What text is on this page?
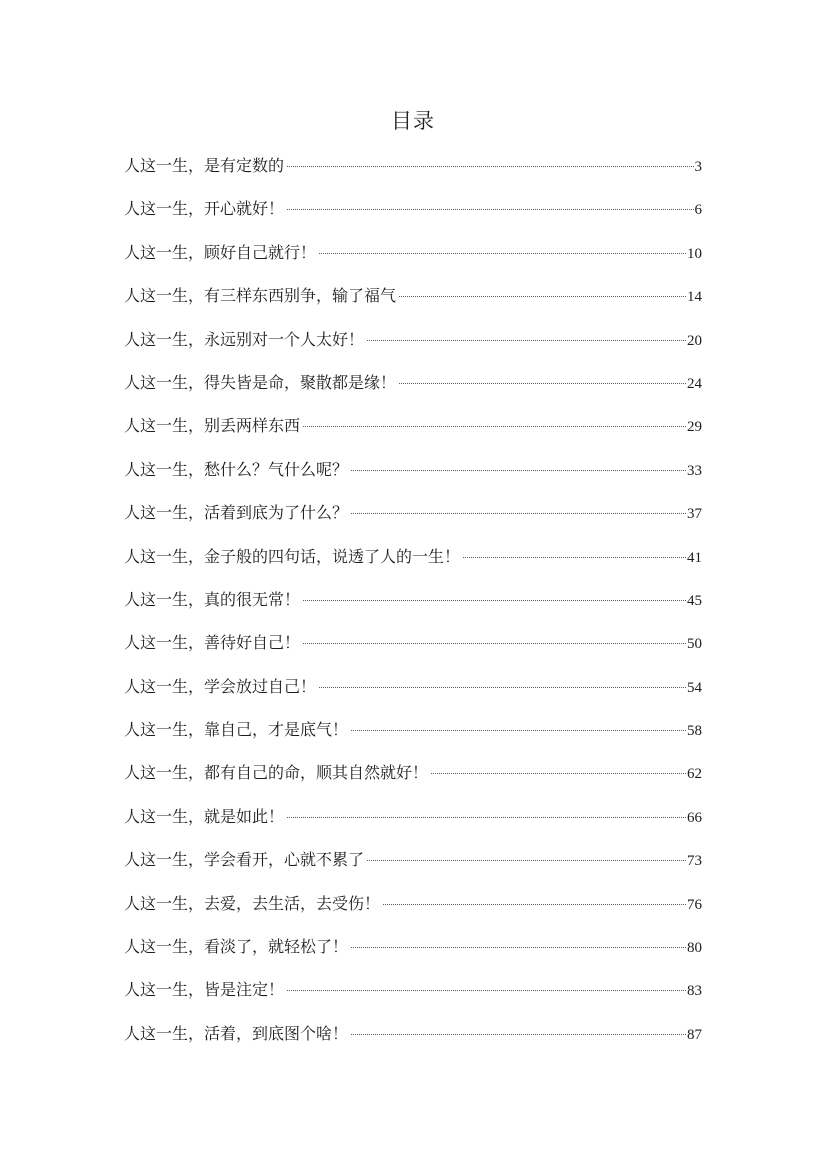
目录
人这一生，是有定数的	3
人这一生，开心就好！	6
人这一生，顾好自己就行！	10
人这一生，有三样东西别争，输了福气	14
人这一生，永远别对一个人太好！	20
人这一生，得失皆是命，聚散都是缘！	24
人这一生，别丢两样东西	29
人这一生，愁什么？气什么呢？	33
人这一生，活着到底为了什么？	37
人这一生，金子般的四句话，说透了人的一生！	41
人这一生，真的很无常！	45
人这一生，善待好自己！	50
人这一生，学会放过自己！	54
人这一生，靠自己，才是底气！	58
人这一生，都有自己的命，顺其自然就好！	62
人这一生，就是如此！	66
人这一生，学会看开，心就不累了	73
人这一生，去爱，去生活，去受伤！	76
人这一生，看淡了，就轻松了！	80
人这一生，皆是注定！	83
人这一生，活着，到底图个啥！	87
